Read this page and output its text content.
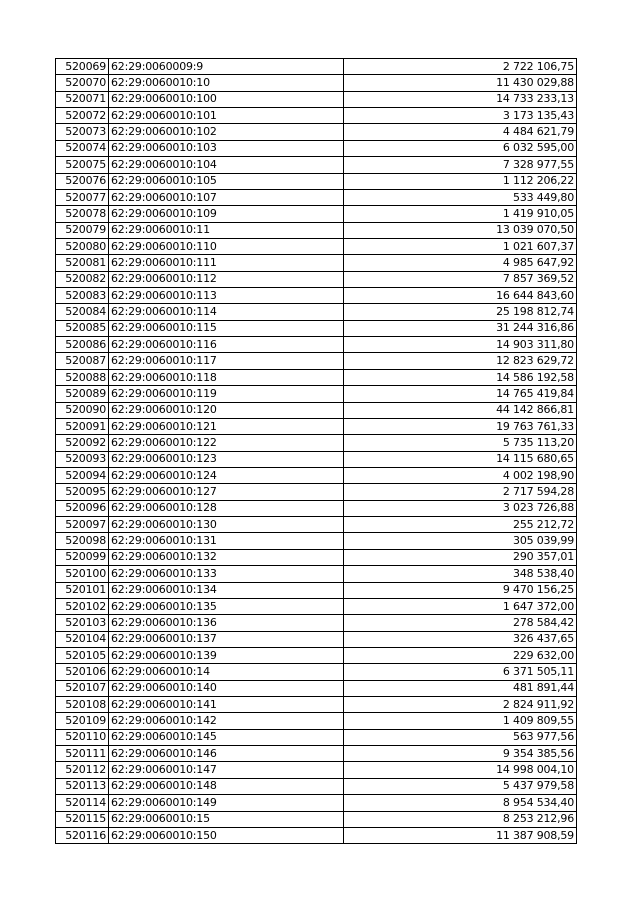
520069	62:29:0060009:9	2 722 106,75
520070	62:29:0060010:10	11 430 029,88
520071	62:29:0060010:100	14 733 233,13
520072	62:29:0060010:101	3 173 135,43
520073	62:29:0060010:102	4 484 621,79
520074	62:29:0060010:103	6 032 595,00
520075	62:29:0060010:104	7 328 977,55
520076	62:29:0060010:105	1 112 206,22
520077	62:29:0060010:107	533 449,80
520078	62:29:0060010:109	1 419 910,05
520079	62:29:0060010:11	13 039 070,50
520080	62:29:0060010:110	1 021 607,37
520081	62:29:0060010:111	4 985 647,92
520082	62:29:0060010:112	7 857 369,52
520083	62:29:0060010:113	16 644 843,60
520084	62:29:0060010:114	25 198 812,74
520085	62:29:0060010:115	31 244 316,86
520086	62:29:0060010:116	14 903 311,80
520087	62:29:0060010:117	12 823 629,72
520088	62:29:0060010:118	14 586 192,58
520089	62:29:0060010:119	14 765 419,84
520090	62:29:0060010:120	44 142 866,81
520091	62:29:0060010:121	19 763 761,33
520092	62:29:0060010:122	5 735 113,20
520093	62:29:0060010:123	14 115 680,65
520094	62:29:0060010:124	4 002 198,90
520095	62:29:0060010:127	2 717 594,28
520096	62:29:0060010:128	3 023 726,88
520097	62:29:0060010:130	255 212,72
520098	62:29:0060010:131	305 039,99
520099	62:29:0060010:132	290 357,01
520100	62:29:0060010:133	348 538,40
520101	62:29:0060010:134	9 470 156,25
520102	62:29:0060010:135	1 647 372,00
520103	62:29:0060010:136	278 584,42
520104	62:29:0060010:137	326 437,65
520105	62:29:0060010:139	229 632,00
520106	62:29:0060010:14	6 371 505,11
520107	62:29:0060010:140	481 891,44
520108	62:29:0060010:141	2 824 911,92
520109	62:29:0060010:142	1 409 809,55
520110	62:29:0060010:145	563 977,56
520111	62:29:0060010:146	9 354 385,56
520112	62:29:0060010:147	14 998 004,10
520113	62:29:0060010:148	5 437 979,58
520114	62:29:0060010:149	8 954 534,40
520115	62:29:0060010:15	8 253 212,96
520116	62:29:0060010:150	11 387 908,59
